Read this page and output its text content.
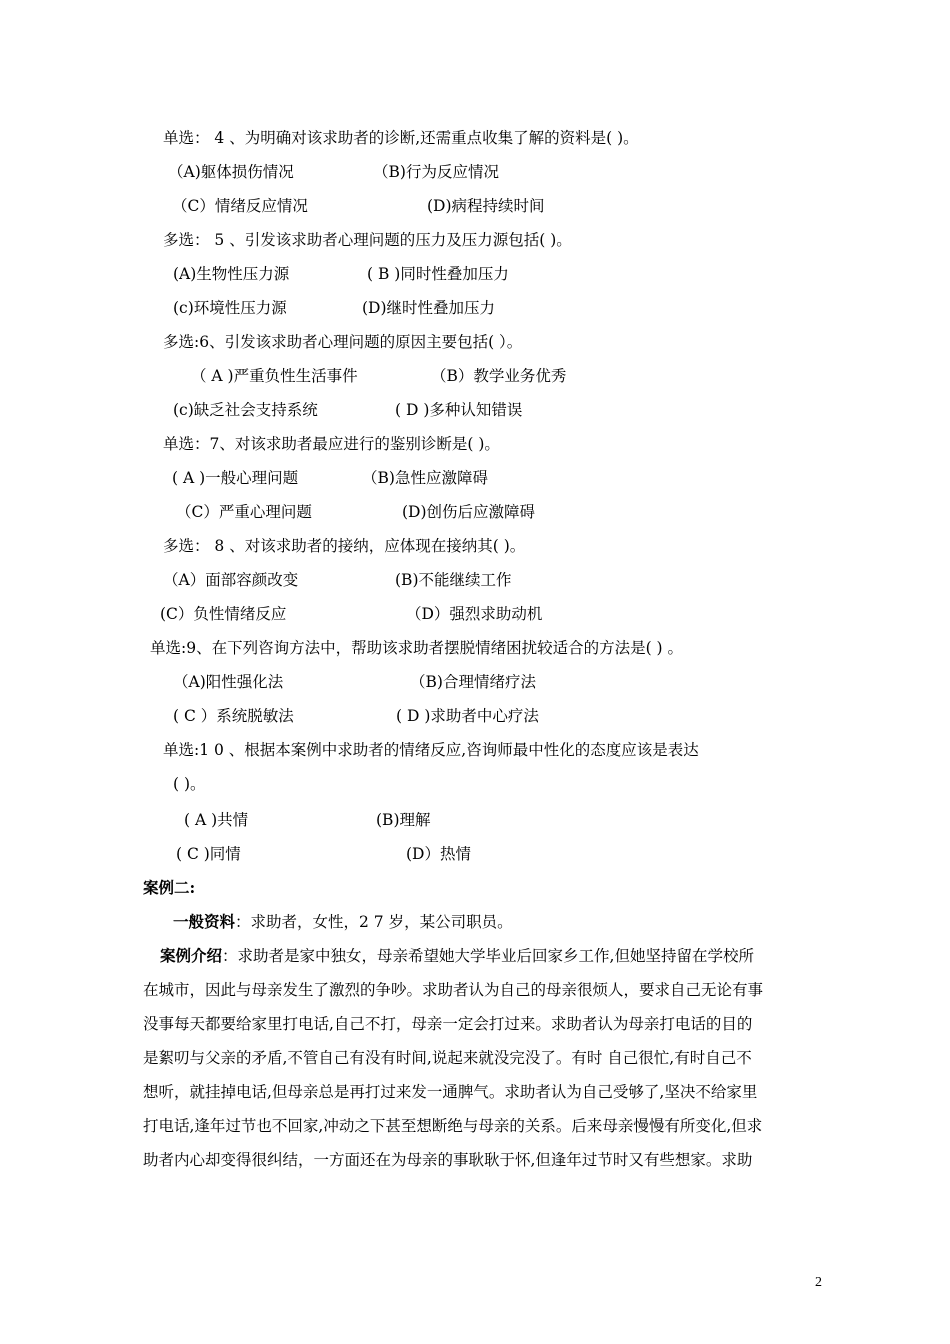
单选： 4 、为明确对该求助者的诊断,还需重点收集了解的资料是( )。
（A)躯体损伤情况	（B)行为反应情况
（C）情绪反应情况	(D)病程持续时间
多选： 5 、引发该求助者心理问题的压力及压力源包括( )。
(A)生物性压力源	( B )同时性叠加压力
(c)环境性压力源	(D)继时性叠加压力
多选:6、引发该求助者心理问题的原因主要包括( ）。
（ A )严重负性生活事件	（B）教学业务优秀
(c)缺乏社会支持系统	( D )多种认知错误
单选：7、对该求助者最应进行的鉴别诊断是( )。
( A )一般心理问题	（B)急性应激障碍
（C）严重心理问题	(D)创伤后应激障碍
多选： 8 、对该求助者的接纳，应体现在接纳其( )。
（A）面部容颜改变	(B)不能继续工作
(C）负性情绪反应	（D）强烈求助动机
单选:9、在下列咨询方法中，帮助该求助者摆脱情绪困扰较适合的方法是( ) 。
（A)阳性强化法	（B)合理情绪疗法
( C ）系统脱敏法	( D )求助者中心疗法
单选:1 0 、根据本案例中求助者的情绪反应,咨询师最中性化的态度应该是表达
( )。
( A )共情	(B)理解
( C )同情	(D）热情
案例二:
一般资料：求助者，女性，2 7 岁，某公司职员。
案例介绍：求助者是家中独女，母亲希望她大学毕业后回家乡工作,但她坚持留在学校所
在城市，因此与母亲发生了激烈的争吵。求助者认为自己的母亲很烦人，要求自己无论有事
没事每天都要给家里打电话,自己不打，母亲一定会打过来。求助者认为母亲打电话的目的
是絮叨与父亲的矛盾,不管自己有没有时间,说起来就没完没了。有时 自己很忙,有时自己不
想听，就挂掉电话,但母亲总是再打过来发一通脾气。求助者认为自己受够了,坚决不给家里
打电话,逢年过节也不回家,冲动之下甚至想断绝与母亲的关系。后来母亲慢慢有所变化,但求
助者内心却变得很纠结，一方面还在为母亲的事耿耿于怀,但逢年过节时又有些想家。求助
2
